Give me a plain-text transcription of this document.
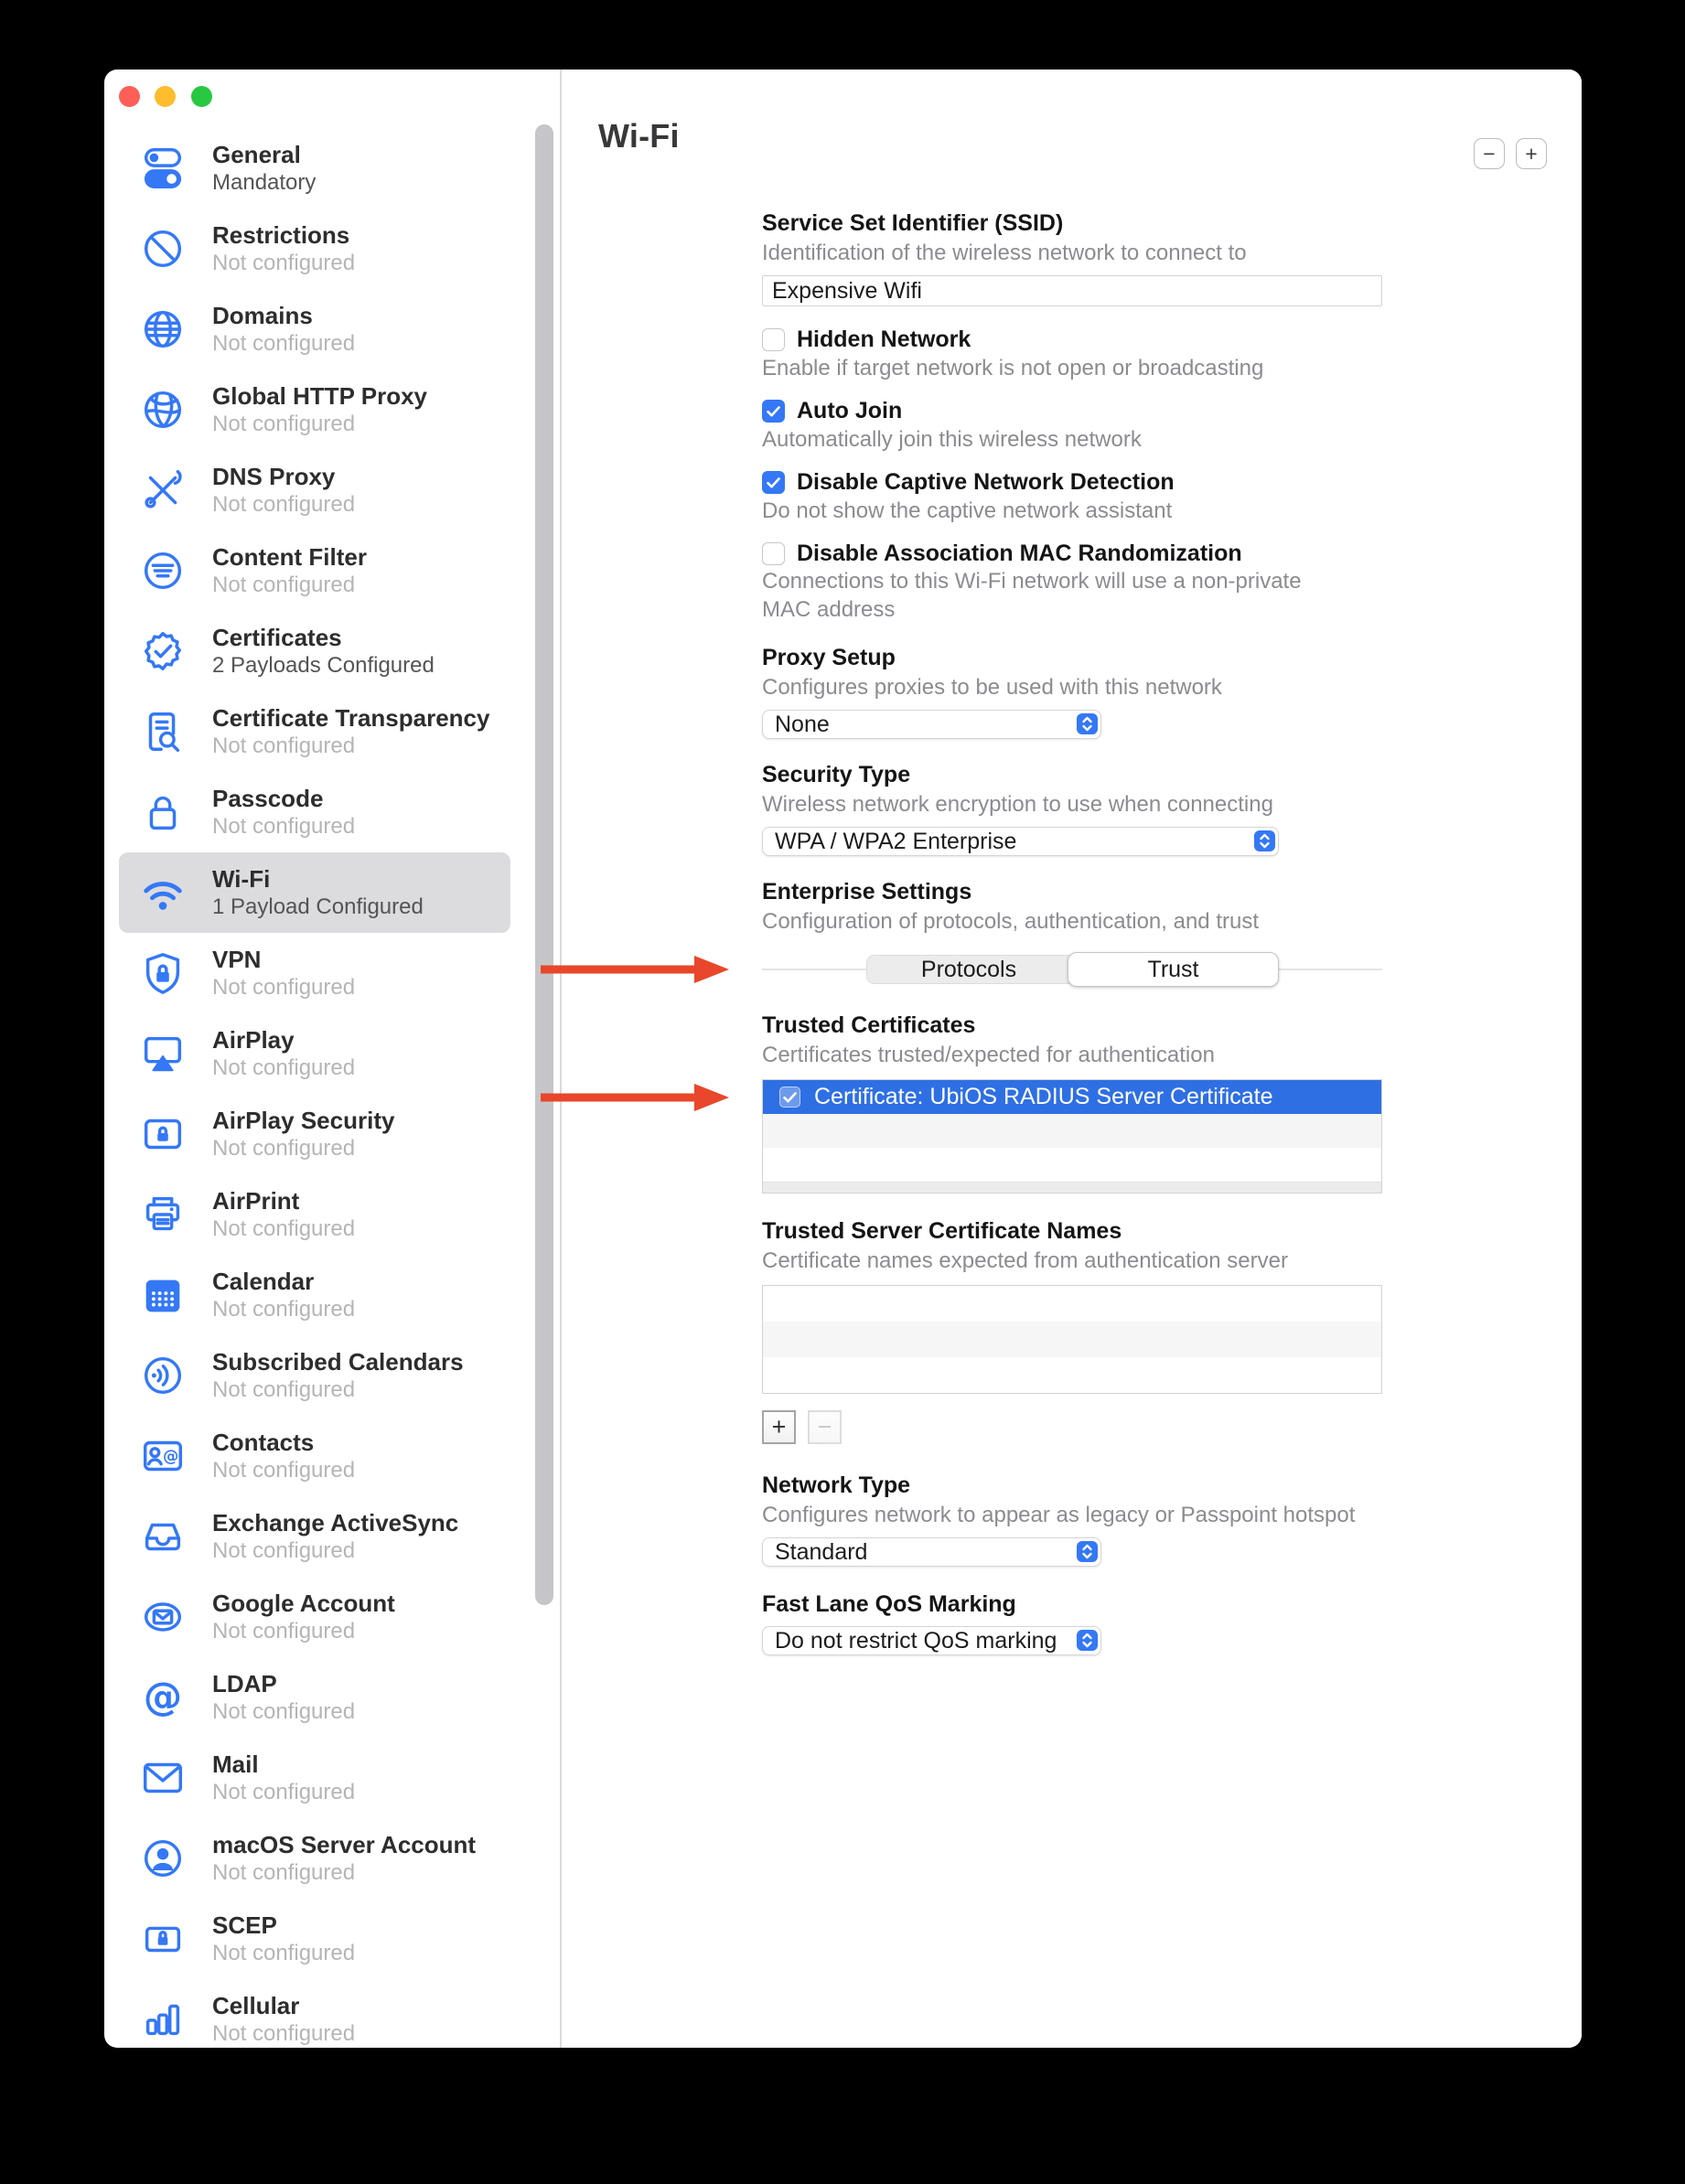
General
Mandatory
Restrictions
Not configured
Domains
Not configured
Global HTTP Proxy
Not configured
DNS Proxy
Not configured
Content Filter
Not configured
Certificates
2 Payloads Configured
Certificate Transparency
Not configured
Passcode
Not configured
Wi-Fi
1 Payload Configured
VPN
Not configured
AirPlay
Not configured
AirPlay Security
Not configured
AirPrint
Not configured
Calendar
Not configured
Subscribed Calendars
Not configured
@
Contacts
Not configured
Exchange ActiveSync
Not configured
Google Account
Not configured
@ LDAP
Not configured
Mail
Not configured
macOS Server Account
Not configured
SCEP
Not configured
Cellular
Not configured
Wi-Fi	−	+
Service Set Identifier (SSID)
Identification of the wireless network to connect to
Expensive Wifi
Hidden Network
Enable if target network is not open or broadcasting
Auto Join
Automatically join this wireless network
Disable Captive Network Detection
Do not show the captive network assistant
Disable Association MAC Randomization
Connections to this Wi-Fi network will use a non-private MAC address
Proxy Setup
Configures proxies to be used with this network
None
Security Type
Wireless network encryption to use when connecting
WPA / WPA2 Enterprise
Enterprise Settings
Configuration of protocols, authentication, and trust
Protocols	Trust
Trusted Certificates
Certificates trusted/expected for authentication
Certificate: UbiOS RADIUS Server Certificate
Trusted Server Certificate Names
Certificate names expected from authentication server
+	−
Network Type
Configures network to appear as legacy or Passpoint hotspot
Standard
Fast Lane QoS Marking
Do not restrict QoS marking
